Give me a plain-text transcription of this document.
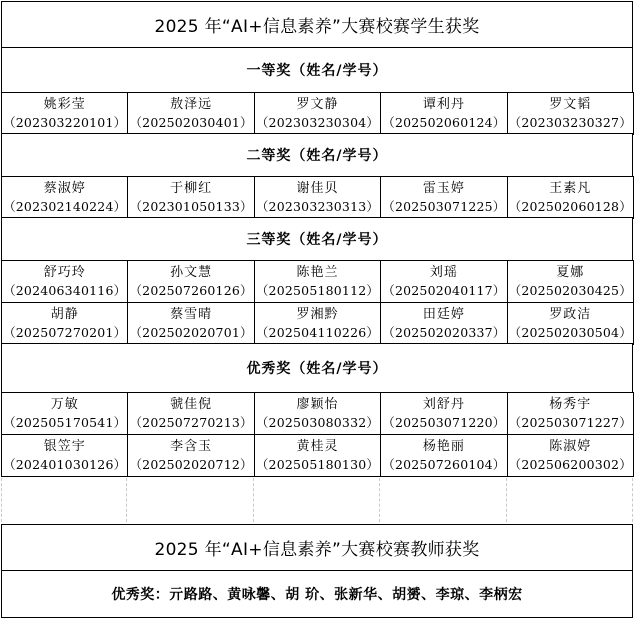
2025 年“AI+信息素养”大赛校赛学生获奖
一等奖（姓名/学号）
姚彩莹
（202303220101）
敖泽远
（202502030401）
罗文静
（202303230304）
谭利丹
（202502060124）
罗文韬
（202303230327）
二等奖（姓名/学号）
蔡淑婷
（202302140224）
于柳红
（202301050133）
谢佳贝
（202303230313）
雷玉婷
（202503071225）
王素凡
（202502060128）
三等奖（姓名/学号）
舒巧玲
（202406340116）
孙文慧
（202507260126）
陈艳兰
（202505180112）
刘瑶
（202502040117）
夏娜
（202502030425）
胡静
（202507270201）
蔡雪晴
（202502020701）
罗湘黔
（202504110226）
田廷婷
（202502020337）
罗政洁
（202502030504）
优秀奖（姓名/学号）
万敏
（202505170541）
虢佳倪
（202507270213）
廖颖怡
（202503080332）
刘舒丹
（202503071220）
杨秀宇
（202503071227）
银笠宇
（202401030126）
李含玉
（202502020712）
黄桂灵
（202505180130）
杨艳丽
（202507260104）
陈淑婷
（202506200302）
2025 年“AI+信息素养”大赛校赛教师获奖
优秀奖：亓路路、黄咏馨、胡 玠、张新华、胡赟、李琼、李柄宏
